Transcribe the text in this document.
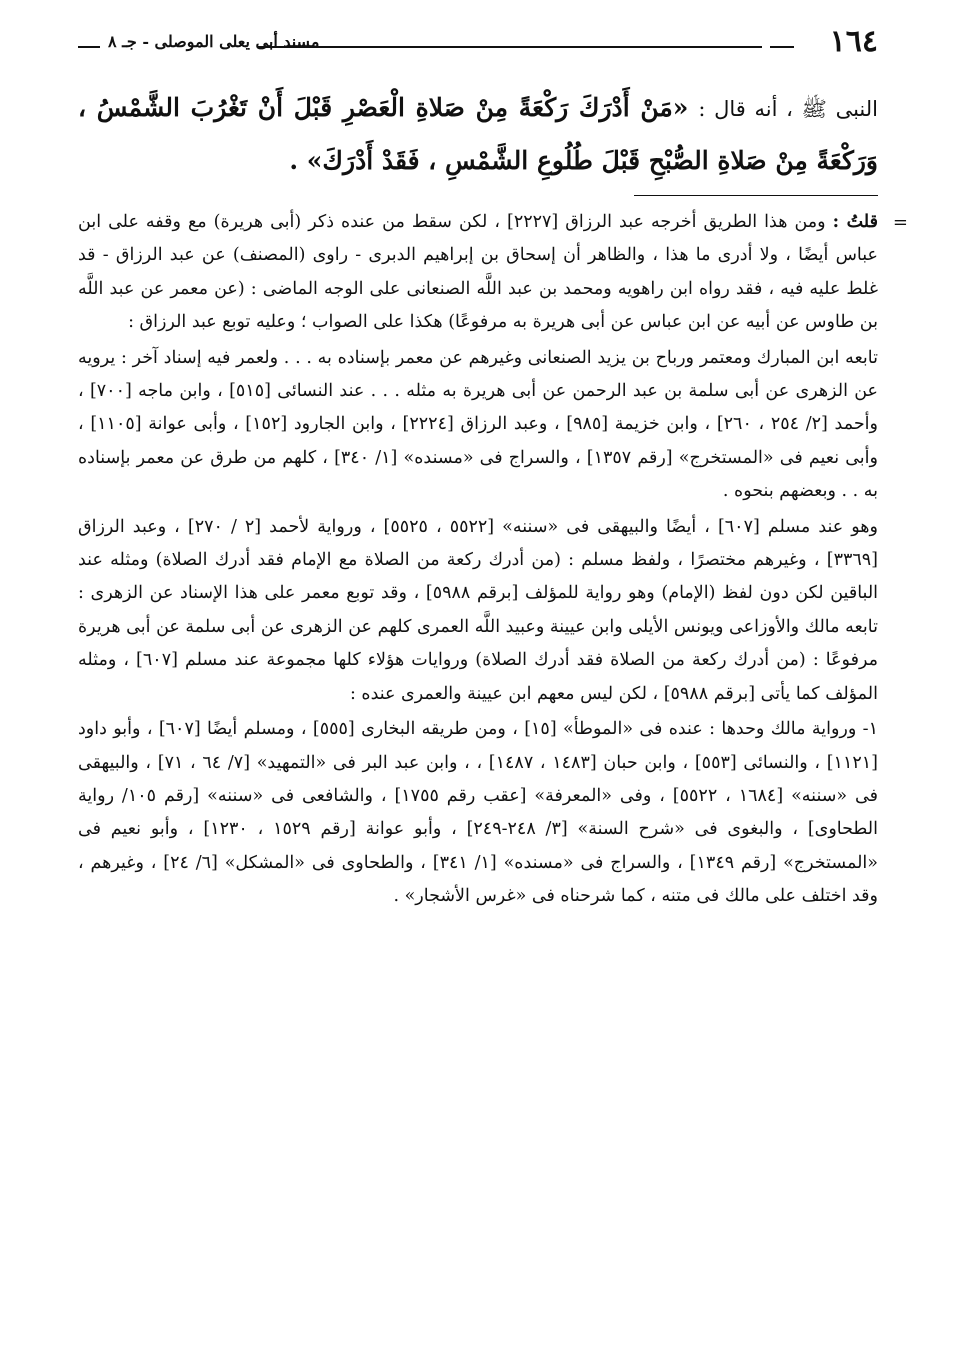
١٦٤
مسند أبى يعلى الموصلى - جـ ٨
النبى ﷺ ، أنه قال : «مَنْ أَدْرَكَ رَكْعَةً مِنْ صَلاةِ الْعَصْرِ قَبْلَ أَنْ تَغْرُبَ الشَّمْسُ ، وَرَكْعَةً مِنْ صَلاةِ الصُّبْحِ قَبْلَ طُلُوعِ الشَّمْسِ ، فَقَدْ أَدْرَكَ» .

=
قلتُ : ومن هذا الطريق أخرجه عبد الرزاق [٢٢٢٧] ، لكن سقط من عنده ذكر (أبى هريرة) مع وقفه على ابن عباس أيضًا ، ولا أدرى ما هذا ، والظاهر أن إسحاق بن إبراهيم الدبرى - راوى (المصنف) عن عبد الرزاق - قد غلط عليه فيه ، فقد رواه ابن راهويه ومحمد بن عبد اللَّه الصنعانى على الوجه الماضى : (عن معمر عن عبد اللَّه بن طاوس عن أبيه عن ابن عباس عن أبى هريرة به مرفوعًا) هكذا على الصواب ؛ وعليه توبع عبد الرزاق :

تابعه ابن المبارك ومعتمر ورباح بن يزيد الصنعانى وغيرهم عن معمر بإسناده به . . . ولعمر فيه إسناد آخر : يرويه عن الزهرى عن أبى سلمة بن عبد الرحمن عن أبى هريرة به مثله . . . عند النسائى [٥١٥] ، وابن ماجه [٧٠٠] ، وأحمد [٢/ ٢٥٤ ، ٢٦٠] ، وابن خزيمة [٩٨٥] ، وعبد الرزاق [٢٢٢٤] ، وابن الجارود [١٥٢] ، وأبى عوانة [١١٠٥] ، وأبى نعيم فى «المستخرج» [رقم ١٣٥٧] ، والسراج فى «مسنده» [١/ ٣٤٠] ، كلهم من طرق عن معمر بإسناده به . . وبعضهم بنحوه .

وهو عند مسلم [٦٠٧] ، أيضًا والبيهقى فى «سننه» [٥٥٢٢ ، ٥٥٢٥] ، ورواية لأحمد [٢ / ٢٧٠] ، وعبد الرزاق [٣٣٦٩] ، وغيرهم مختصرًا ، ولفظ مسلم : (من أدرك ركعة من الصلاة مع الإمام فقد أدرك الصلاة) ومثله عند الباقين لكن دون لفظ (الإمام) وهو رواية للمؤلف [برقم ٥٩٨٨] ، وقد توبع معمر على هذا الإسناد عن الزهرى : تابعه مالك والأوزاعى ويونس الأيلى وابن عيينة وعبيد اللَّه العمرى كلهم عن الزهرى عن أبى سلمة عن أبى هريرة مرفوعًا : (من أدرك ركعة من الصلاة فقد أدرك الصلاة) وروايات هؤلاء كلها مجموعة عند مسلم [٦٠٧] ، ومثله المؤلف كما يأتى [برقم ٥٩٨٨] ، لكن ليس معهم ابن عيينة والعمرى عنده :

١- ورواية مالك وحدها : عنده فى «الموطأ» [١٥] ، ومن طريقه البخارى [٥٥٥] ، ومسلم أيضًا [٦٠٧] ، وأبو داود [١١٢١] ، والنسائى [٥٥٣] ، وابن حبان [١٤٨٣ ، ١٤٨٧] ، ، وابن عبد البر فى «التمهيد» [٧/ ٦٤ ، ٧١] ، والبيهقى فى «سننه» [١٦٨٤ ، ٥٥٢٢] ، وفى «المعرفة» [عقب رقم ١٧٥٥] ، والشافعى فى «سننه» [رقم ١٠٥/ رواية الطحاوى] ، والبغوى فى «شرح السنة» [٣/ ٢٤٨-٢٤٩] ، وأبو عوانة [رقم ١٥٢٩ ، ١٢٣٠] ، وأبو نعيم فى «المستخرج» [رقم ١٣٤٩] ، والسراج فى «مسنده» [١/ ٣٤١] ، والطحاوى فى «المشكل» [٦/ ٢٤] ، وغيرهم ، وقد اختلف على مالك فى متنه ، كما شرحناه فى «غرس الأشجار» .
